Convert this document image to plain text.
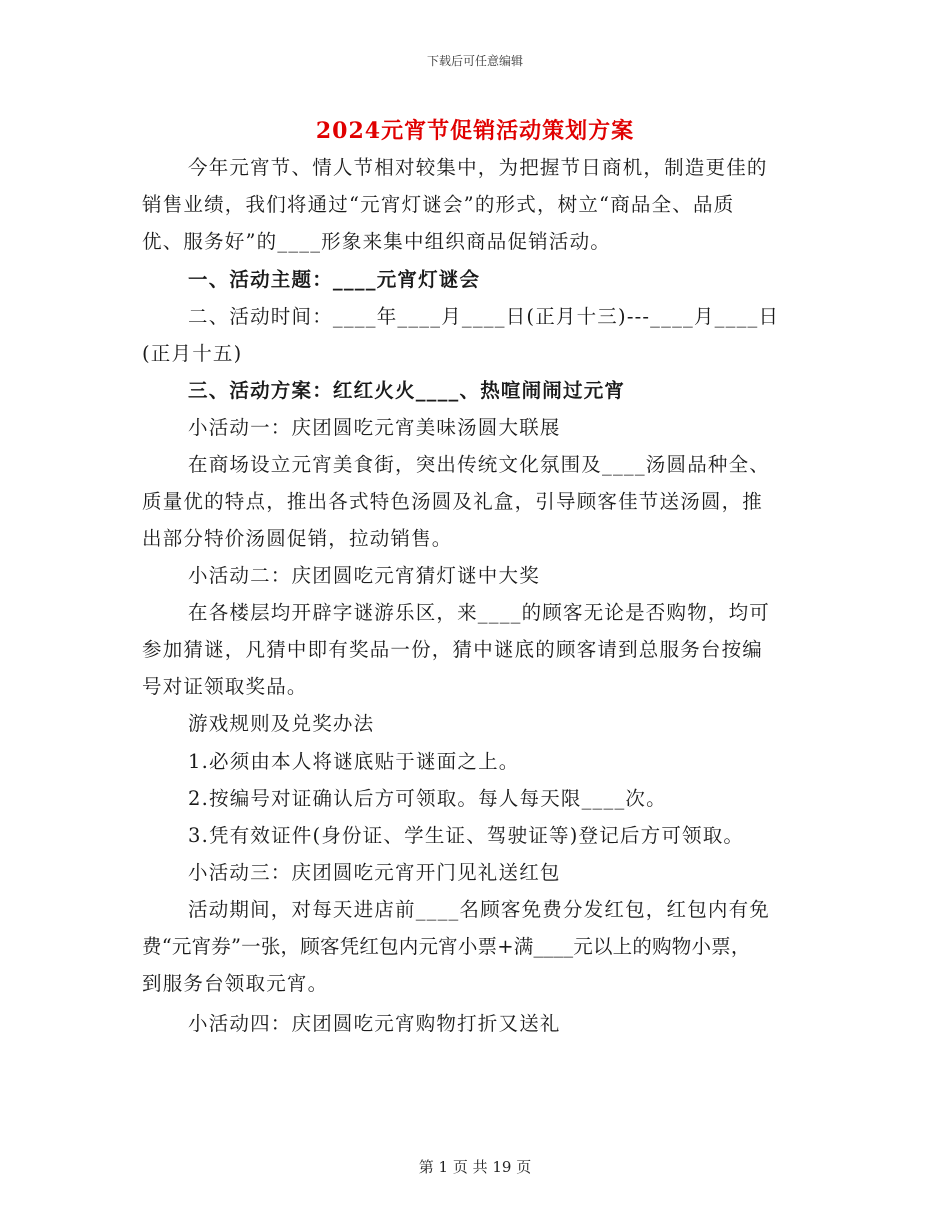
下载后可任意编辑
2024元宵节促销活动策划方案
今年元宵节、情人节相对较集中，为把握节日商机，制造更佳的
销售业绩，我们将通过“元宵灯谜会”的形式，树立“商品全、品质
优、服务好”的____形象来集中组织商品促销活动。
一、活动主题：____元宵灯谜会
二、活动时间：____年____月____日(正月十三)---____月____日
(正月十五)
三、活动方案：红红火火____、热喧闹闹过元宵
小活动一：庆团圆吃元宵美味汤圆大联展
在商场设立元宵美食街，突出传统文化氛围及____汤圆品种全、
质量优的特点，推出各式特色汤圆及礼盒，引导顾客佳节送汤圆，推
出部分特价汤圆促销，拉动销售。
小活动二：庆团圆吃元宵猜灯谜中大奖
在各楼层均开辟字谜游乐区，来____的顾客无论是否购物，均可
参加猜谜，凡猜中即有奖品一份，猜中谜底的顾客请到总服务台按编
号对证领取奖品。
游戏规则及兑奖办法
1.必须由本人将谜底贴于谜面之上。
2.按编号对证确认后方可领取。每人每天限____次。
3.凭有效证件(身份证、学生证、驾驶证等)登记后方可领取。
小活动三：庆团圆吃元宵开门见礼送红包
活动期间，对每天进店前____名顾客免费分发红包，红包内有免
费“元宵券”一张，顾客凭红包内元宵小票+满____元以上的购物小票，
到服务台领取元宵。
小活动四：庆团圆吃元宵购物打折又送礼
第 1 页 共 19 页
